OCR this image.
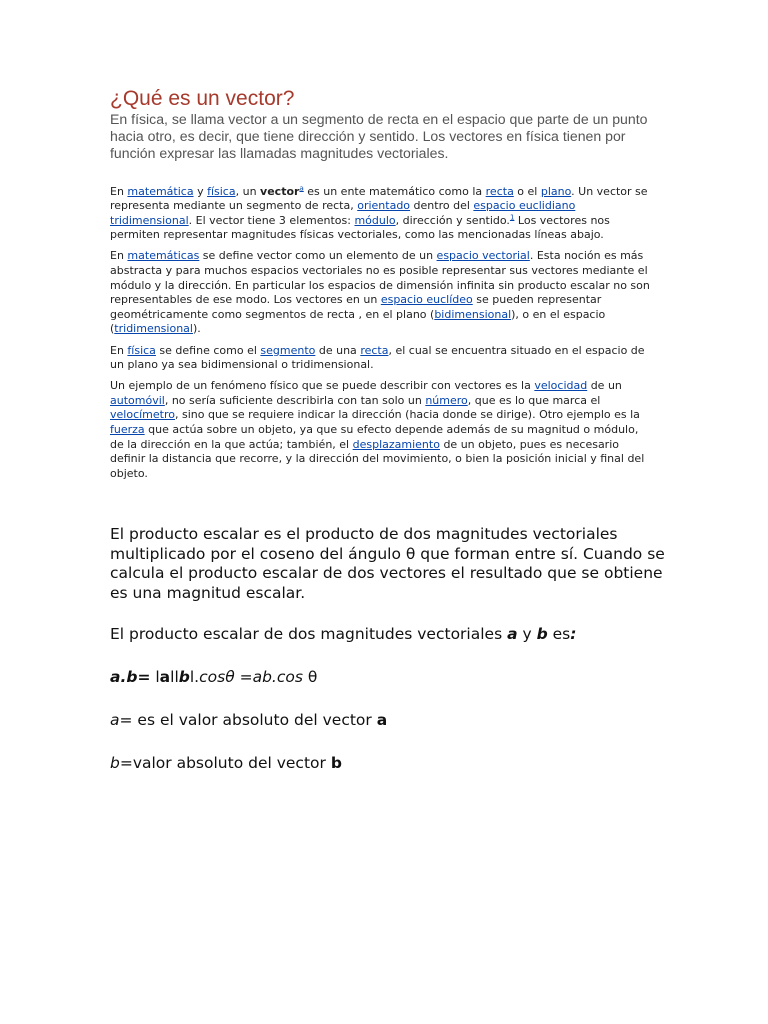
¿Qué es un vector?

En física, se llama vector a un segmento de recta en el espacio que parte de un punto hacia otro, es decir, que tiene dirección y sentido. Los vectores en física tienen por función expresar las llamadas magnitudes vectoriales.

En matemática y física, un vector$^a$ es un ente matemático como la recta o el plano. Un vector se representa mediante un segmento de recta, orientado dentro del espacio euclidiano tridimensional. El vector tiene 3 elementos: módulo, dirección y sentido.$^1$ Los vectores nos permiten representar magnitudes físicas vectoriales, como las mencionadas líneas abajo.

En matemáticas se define vector como un elemento de un espacio vectorial. Esta noción es más abstracta y para muchos espacios vectoriales no es posible representar sus vectores mediante el módulo y la dirección. En particular los espacios de dimensión infinita sin producto escalar no son representables de ese modo. Los vectores en un espacio euclídeo se pueden representar geométricamente como segmentos de recta , en el plano (bidimensional), o en el espacio (tridimensional).

En física se define como el segmento de una recta, el cual se encuentra situado en el espacio de un plano ya sea bidimensional o tridimensional.

Un ejemplo de un fenómeno físico que se puede describir con vectores es la velocidad de un automóvil, no sería suficiente describirla con tan solo un número, que es lo que marca el velocímetro, sino que se requiere indicar la dirección (hacia donde se dirige). Otro ejemplo es la fuerza que actúa sobre un objeto, ya que su efecto depende además de su magnitud o módulo, de la dirección en la que actúa; también, el desplazamiento de un objeto, pues es necesario definir la distancia que recorre, y la dirección del movimiento, o bien la posición inicial y final del objeto.

El producto escalar es el producto de dos magnitudes vectoriales multiplicado por el coseno del ángulo θ que forman entre sí. Cuando se calcula el producto escalar de dos vectores el resultado que se obtiene es una magnitud escalar.

El producto escalar de dos magnitudes vectoriales a y b es:
a.b= lallbl.cosθ =ab.cos θ
a= es el valor absoluto del vector a
b=valor absoluto del vector b
